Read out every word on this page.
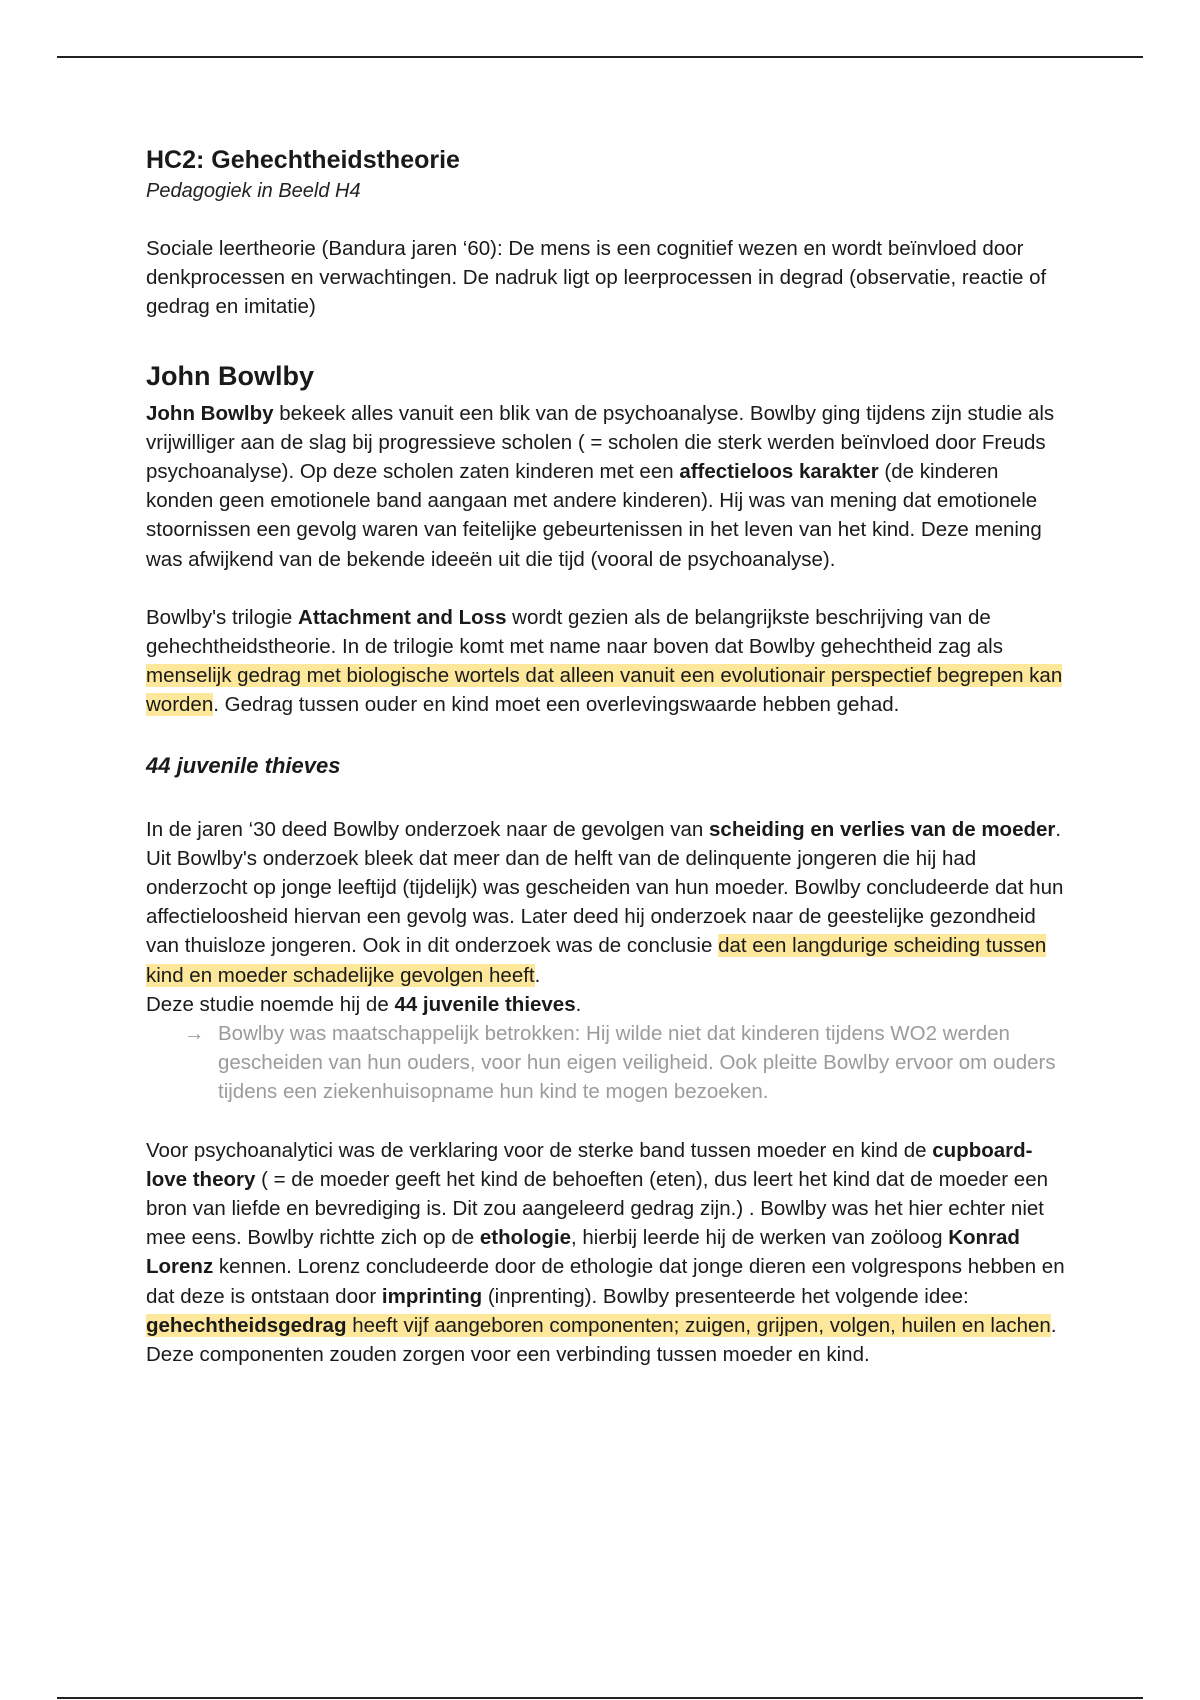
HC2: Gehechtheidstheorie

Pedagogiek in Beeld H4

Sociale leertheorie (Bandura jaren ‘60): De mens is een cognitief wezen en wordt beïnvloed door denkprocessen en verwachtingen. De nadruk ligt op leerprocessen in degrad (observatie, reactie of gedrag en imitatie)

John Bowlby

John Bowlby bekeek alles vanuit een blik van de psychoanalyse. Bowlby ging tijdens zijn studie als vrijwilliger aan de slag bij progressieve scholen ( = scholen die sterk werden beïnvloed door Freuds psychoanalyse). Op deze scholen zaten kinderen met een affectieloos karakter (de kinderen konden geen emotionele band aangaan met andere kinderen). Hij was van mening dat emotionele stoornissen een gevolg waren van feitelijke gebeurtenissen in het leven van het kind. Deze mening was afwijkend van de bekende ideeën uit die tijd (vooral de psychoanalyse).

Bowlby's trilogie Attachment and Loss wordt gezien als de belangrijkste beschrijving van de gehechtheidstheorie. In de trilogie komt met name naar boven dat Bowlby gehechtheid zag als menselijk gedrag met biologische wortels dat alleen vanuit een evolutionair perspectief begrepen kan worden. Gedrag tussen ouder en kind moet een overlevingswaarde hebben gehad.

44 juvenile thieves

In de jaren ‘30 deed Bowlby onderzoek naar de gevolgen van scheiding en verlies van de moeder. Uit Bowlby's onderzoek bleek dat meer dan de helft van de delinquente jongeren die hij had onderzocht op jonge leeftijd (tijdelijk) was gescheiden van hun moeder. Bowlby concludeerde dat hun affectieloosheid hiervan een gevolg was. Later deed hij onderzoek naar de geestelijke gezondheid van thuisloze jongeren. Ook in dit onderzoek was de conclusie dat een langdurige scheiding tussen kind en moeder schadelijke gevolgen heeft.
Deze studie noemde hij de 44 juvenile thieves.

→ Bowlby was maatschappelijk betrokken: Hij wilde niet dat kinderen tijdens WO2 werden gescheiden van hun ouders, voor hun eigen veiligheid. Ook pleitte Bowlby ervoor om ouders tijdens een ziekenhuisopname hun kind te mogen bezoeken.

Voor psychoanalytici was de verklaring voor de sterke band tussen moeder en kind de cupboard-love theory ( = de moeder geeft het kind de behoeften (eten), dus leert het kind dat de moeder een bron van liefde en bevrediging is. Dit zou aangeleerd gedrag zijn.) . Bowlby was het hier echter niet mee eens. Bowlby richtte zich op de ethologie, hierbij leerde hij de werken van zoöloog Konrad Lorenz kennen. Lorenz concludeerde door de ethologie dat jonge dieren een volgrespons hebben en dat deze is ontstaan door imprinting (inprenting). Bowlby presenteerde het volgende idee: gehechtheidsgedrag heeft vijf aangeboren componenten; zuigen, grijpen, volgen, huilen en lachen. Deze componenten zouden zorgen voor een verbinding tussen moeder en kind.
